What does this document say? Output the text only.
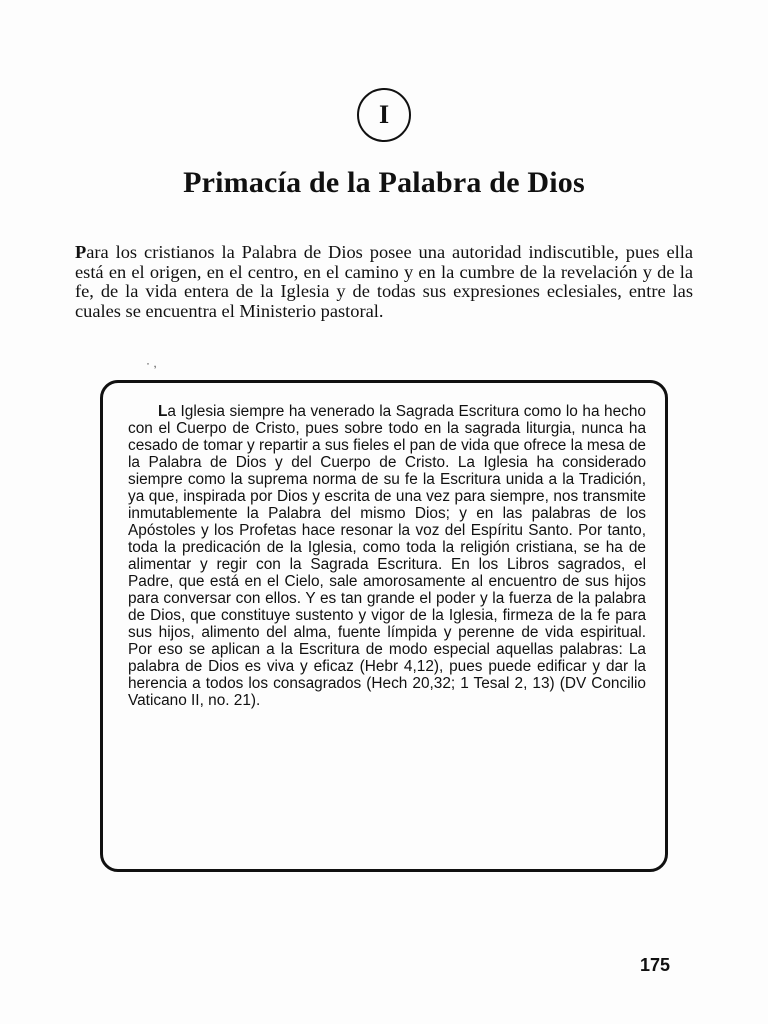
I
Primacía de la Palabra de Dios

Para los cristianos la Palabra de Dios posee una autoridad indiscutible, pues ella está en el origen, en el centro, en el camino y en la cumbre de la revelación y de la fe, de la vida entera de la Iglesia y de todas sus expresiones eclesiales, entre las cuales se encuentra el Ministerio pastoral.

· ,

La Iglesia siempre ha venerado la Sagrada Escritura como lo ha hecho con el Cuerpo de Cristo, pues sobre todo en la sagrada liturgia, nunca ha cesado de tomar y repartir a sus fieles el pan de vida que ofrece la mesa de la Palabra de Dios y del Cuerpo de Cristo. La Iglesia ha considerado siempre como la suprema norma de su fe la Escritura unida a la Tradición, ya que, inspirada por Dios y escrita de una vez para siempre, nos transmite inmutablemente la Palabra del mismo Dios; y en las palabras de los Apóstoles y los Profetas hace resonar la voz del Espíritu Santo. Por tanto, toda la predicación de la Iglesia, como toda la religión cristiana, se ha de alimentar y regir con la Sagrada Escritura. En los Libros sagrados, el Padre, que está en el Cielo, sale amorosamente al encuentro de sus hijos para conversar con ellos. Y es tan grande el poder y la fuerza de la palabra de Dios, que constituye sustento y vigor de la Iglesia, firmeza de la fe para sus hijos, alimento del alma, fuente límpida y perenne de vida espiritual. Por eso se aplican a la Escritura de modo especial aquellas palabras: La palabra de Dios es viva y eficaz (Hebr 4,12), pues puede edificar y dar la herencia a todos los consagrados (Hech 20,32; 1 Tesal 2, 13) (DV Concilio Vaticano II, no. 21).

175
